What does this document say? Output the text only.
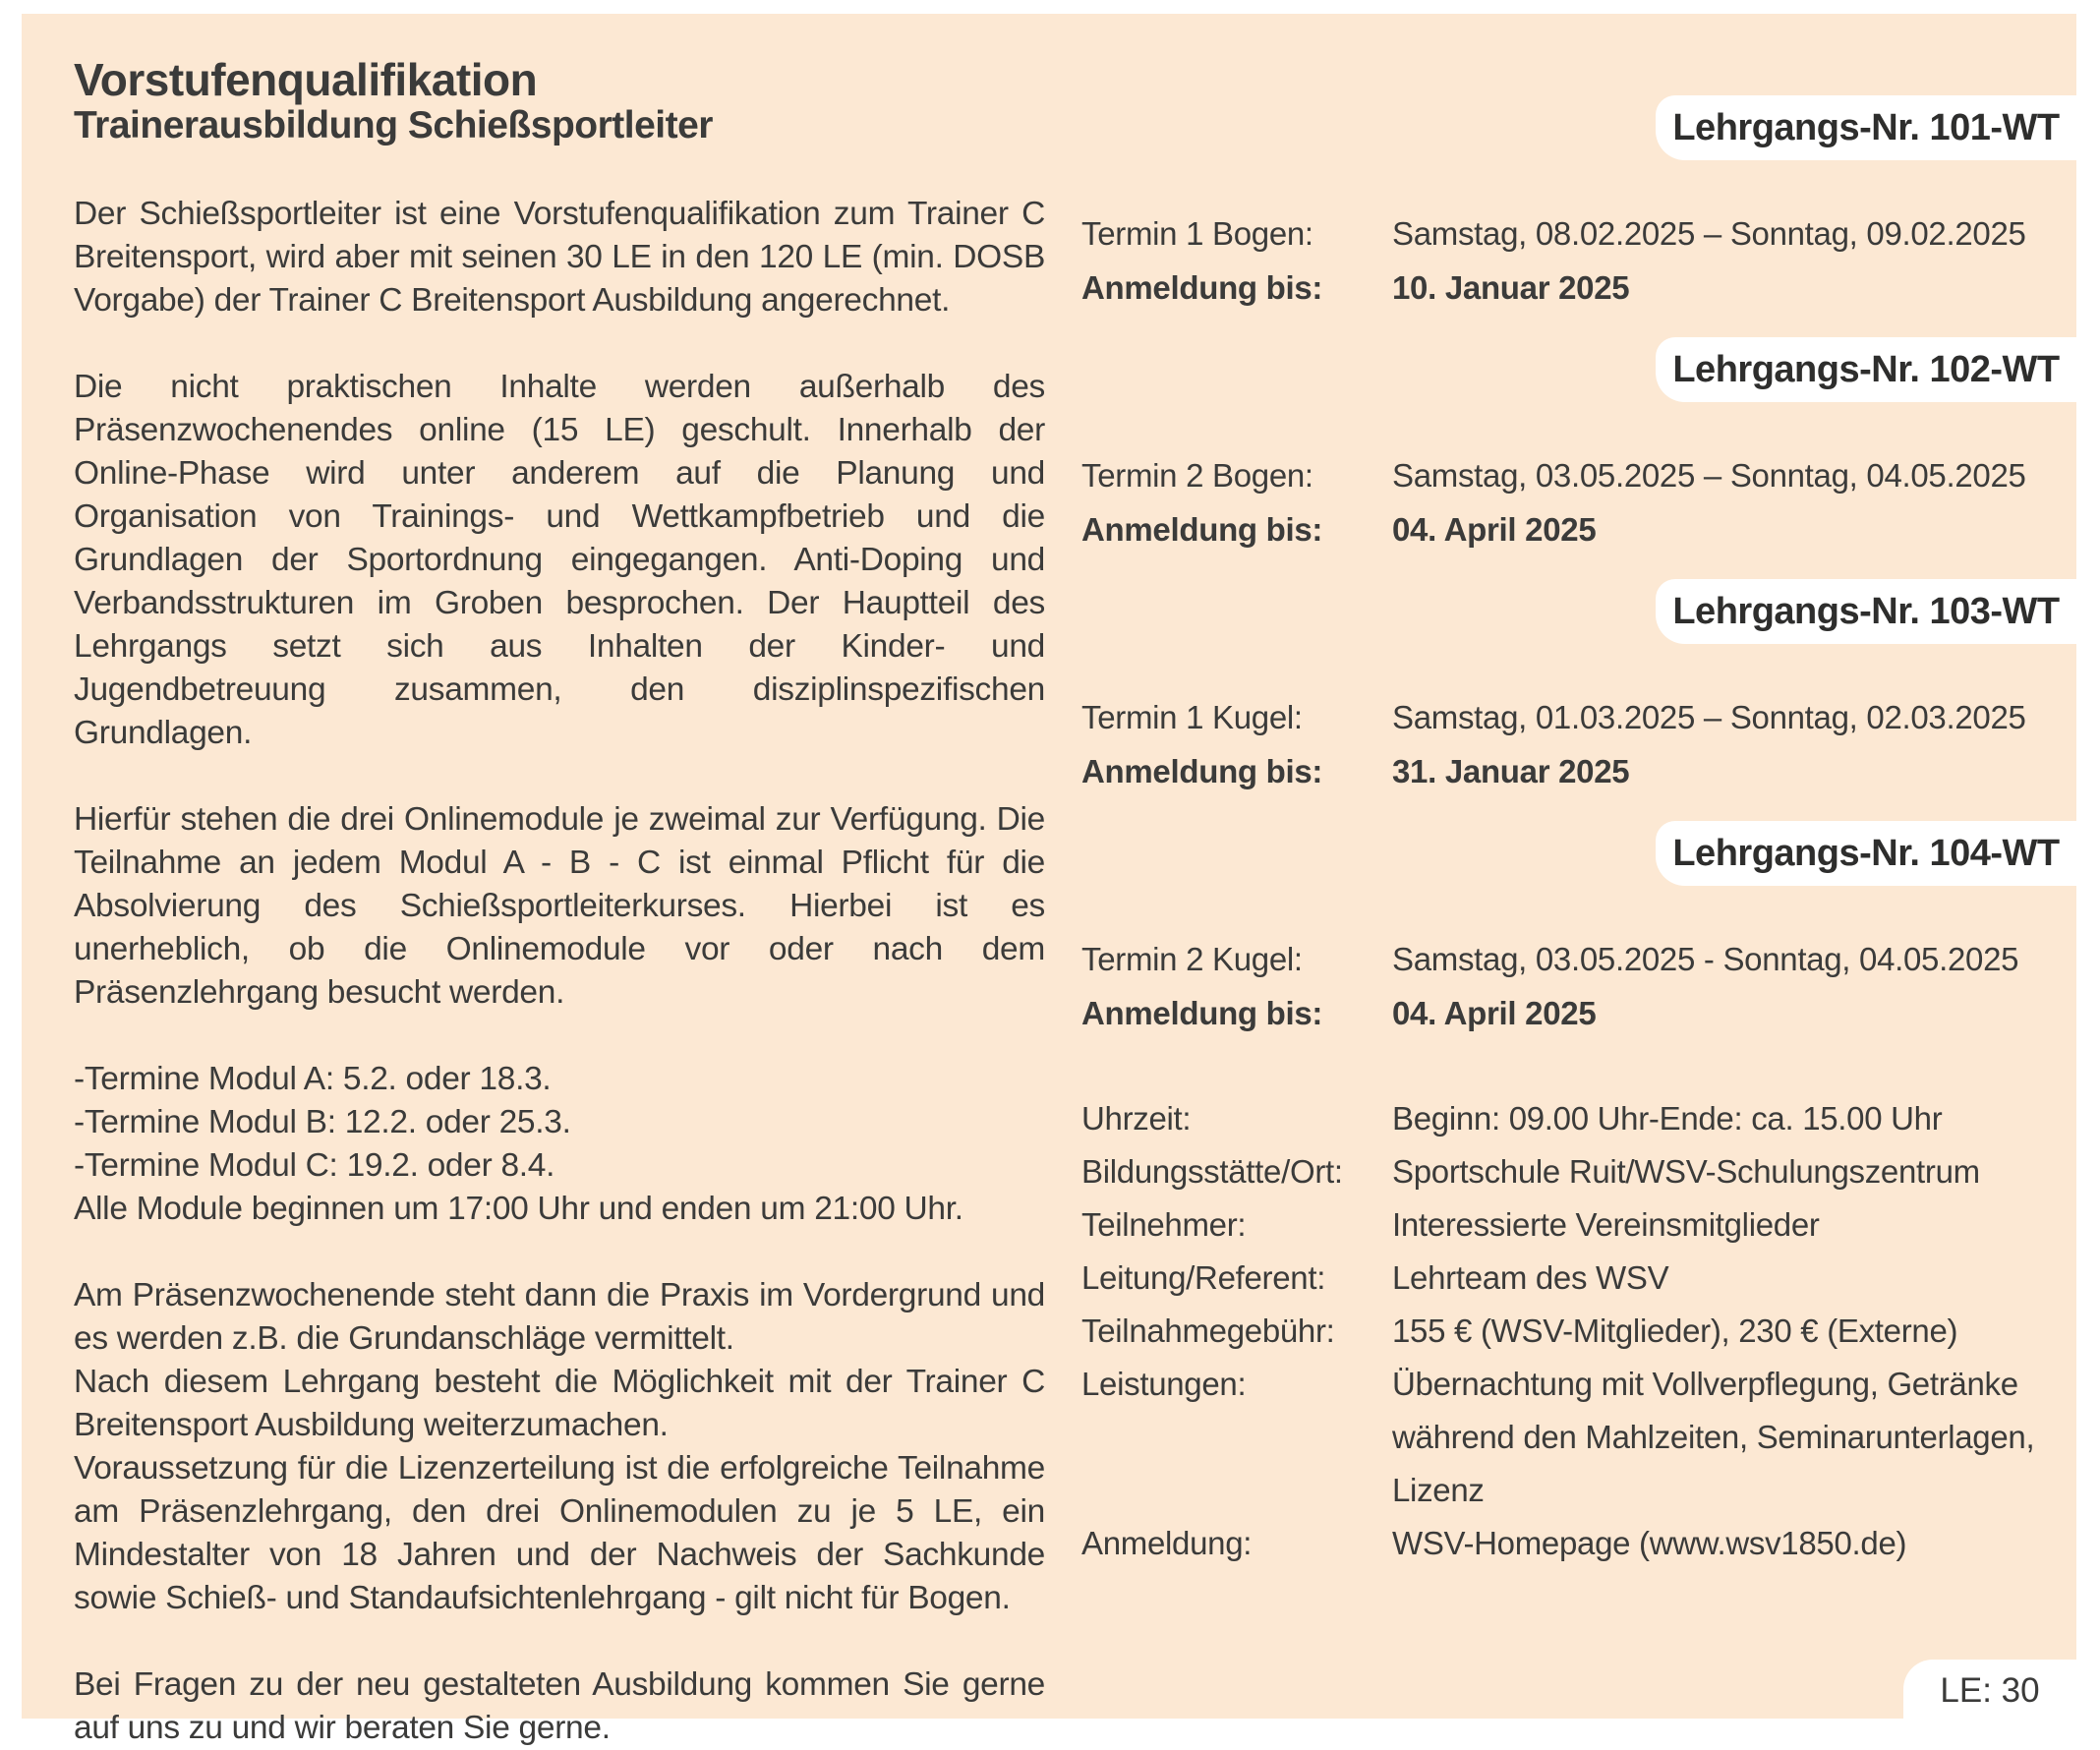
Vorstufenqualifikation
Trainerausbildung Schießsportleiter

Der Schießsportleiter ist eine Vorstufenqualifikation zum Trainer C Breitensport, wird aber mit seinen 30 LE in den 120 LE (min. DOSB Vorgabe) der Trainer C Breitensport Ausbildung angerechnet.

Die nicht praktischen Inhalte werden außerhalb des Präsenzwochenendes online (15 LE) geschult. Innerhalb der Online-Phase wird unter anderem auf die Planung und Organisation von Trainings- und Wettkampfbetrieb und die Grundlagen der Sportordnung eingegangen. Anti-Doping und Verbandsstrukturen im Groben besprochen. Der Hauptteil des Lehrgangs setzt sich aus Inhalten der Kinder- und Jugendbetreuung zusammen, den disziplinspezifischen Grundlagen.

Hierfür stehen die drei Onlinemodule je zweimal zur Verfügung. Die Teilnahme an jedem Modul A - B - C ist einmal Pflicht für die Absolvierung des Schießsportleiterkurses. Hierbei ist es unerheblich, ob die Onlinemodule vor oder nach dem Präsenzlehrgang besucht werden.

-Termine Modul A: 5.2. oder 18.3.

-Termine Modul B: 12.2. oder 25.3.

-Termine Modul C: 19.2. oder 8.4.

Alle Module beginnen um 17:00 Uhr und enden um 21:00 Uhr.

Am Präsenzwochenende steht dann die Praxis im Vordergrund und es werden z.B. die Grundanschläge vermittelt.

Nach diesem Lehrgang besteht die Möglichkeit mit der Trainer C Breitensport Ausbildung weiterzumachen.

Voraussetzung für die Lizenzerteilung ist die erfolgreiche Teilnahme am Präsenzlehrgang, den drei Onlinemodulen zu je 5 LE, ein Mindestalter von 18 Jahren und der Nachweis der Sachkunde sowie Schieß- und Standaufsichtenlehrgang - gilt nicht für Bogen.

Bei Fragen zu der neu gestalteten Ausbildung kommen Sie gerne auf uns zu und wir beraten Sie gerne.

Lehrgangs-Nr. 101-WT
Termin 1 Bogen:	Samstag, 08.02.2025 – Sonntag, 09.02.2025
Anmeldung bis:	10. Januar 2025
Lehrgangs-Nr. 102-WT
Termin 2 Bogen:	Samstag, 03.05.2025 – Sonntag, 04.05.2025
Anmeldung bis:	04. April 2025
Lehrgangs-Nr. 103-WT
Termin 1 Kugel:	Samstag, 01.03.2025 – Sonntag, 02.03.2025
Anmeldung bis:	31. Januar 2025
Lehrgangs-Nr. 104-WT
Termin 2 Kugel:	Samstag, 03.05.2025 - Sonntag, 04.05.2025
Anmeldung bis:	04. April 2025
Uhrzeit:	Beginn: 09.00 Uhr-Ende: ca. 15.00 Uhr
Bildungsstätte/Ort:	Sportschule Ruit/WSV-Schulungszentrum
Teilnehmer:	Interessierte Vereinsmitglieder
Leitung/Referent:	Lehrteam des WSV
Teilnahmegebühr:	155 € (WSV-Mitglieder), 230 € (Externe)
Leistungen:	Übernachtung mit Vollverpflegung, Getränke während den Mahlzeiten, Seminarunterlagen, Lizenz
Anmeldung:	WSV-Homepage (www.wsv1850.de)
LE: 30
